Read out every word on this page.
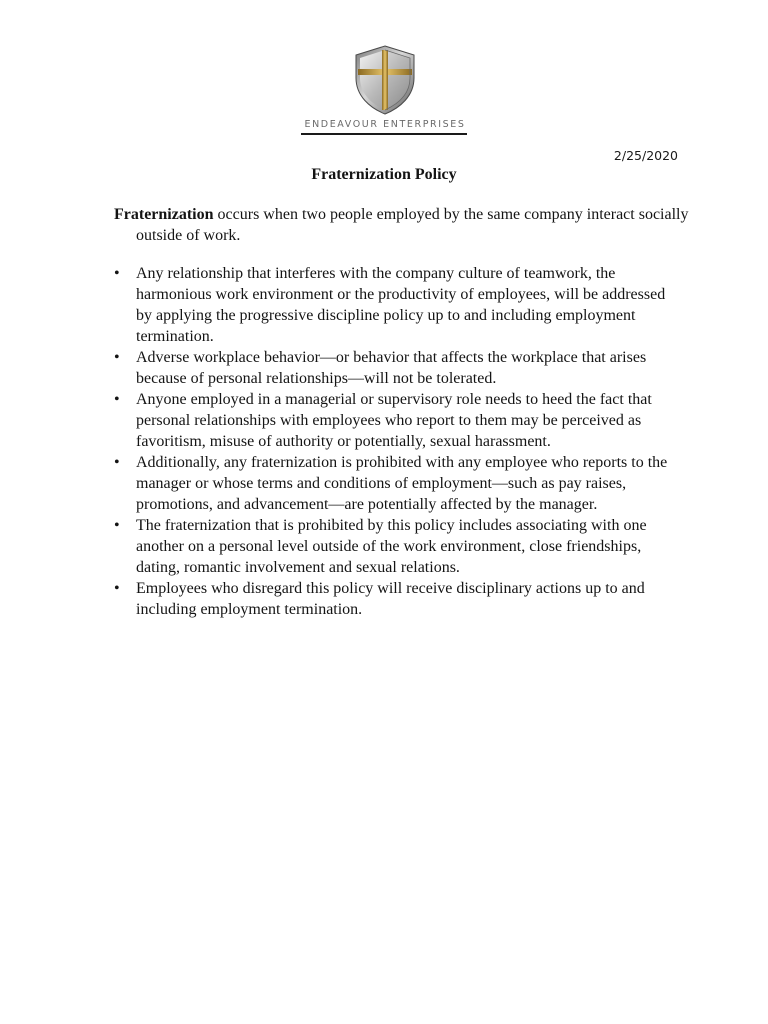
ENDEAVOUR ENTERPRISES
2/25/2020
Fraternization Policy
Fraternization occurs when two people employed by the same company interact socially outside of work.
•	Any relationship that interferes with the company culture of teamwork, the harmonious work environment or the productivity of employees, will be addressed by applying the progressive discipline policy up to and including employment termination.
•	Adverse workplace behavior—or behavior that affects the workplace that arises because of personal relationships—will not be tolerated.
•	Anyone employed in a managerial or supervisory role needs to heed the fact that personal relationships with employees who report to them may be perceived as favoritism, misuse of authority or potentially, sexual harassment.
•	Additionally, any fraternization is prohibited with any employee who reports to the manager or whose terms and conditions of employment—such as pay raises, promotions, and advancement—are potentially affected by the manager.
•	The fraternization that is prohibited by this policy includes associating with one another on a personal level outside of the work environment, close friendships, dating, romantic involvement and sexual relations.
•	Employees who disregard this policy will receive disciplinary actions up to and including employment termination.
